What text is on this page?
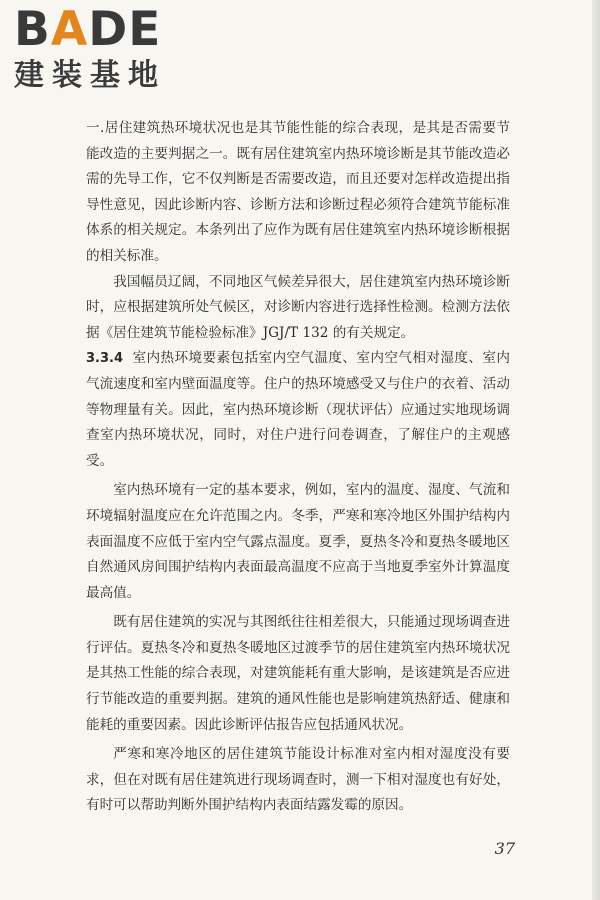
BADE
建装基地

一.居住建筑热环境状况也是其节能性能的综合表现，是其是否需要节能改造的主要判据之一。既有居住建筑室内热环境诊断是其节能改造必需的先导工作，它不仅判断是否需要改造，而且还要对怎样改造提出指导性意见，因此诊断内容、诊断方法和诊断过程必须符合建筑节能标准体系的相关规定。本条列出了应作为既有居住建筑室内热环境诊断根据的相关标准。

我国幅员辽阔，不同地区气候差异很大，居住建筑室内热环境诊断时，应根据建筑所处气候区，对诊断内容进行选择性检测。检测方法依据《居住建筑节能检验标准》JGJ/T 132 的有关规定。

3.3.4 室内热环境要素包括室内空气温度、室内空气相对湿度、室内气流速度和室内壁面温度等。住户的热环境感受又与住户的衣着、活动等物理量有关。因此，室内热环境诊断（现状评估）应通过实地现场调查室内热环境状况，同时，对住户进行问卷调查，了解住户的主观感受。

室内热环境有一定的基本要求，例如，室内的温度、湿度、气流和环境辐射温度应在允许范围之内。冬季，严寒和寒冷地区外围护结构内表面温度不应低于室内空气露点温度。夏季，夏热冬冷和夏热冬暖地区自然通风房间围护结构内表面最高温度不应高于当地夏季室外计算温度最高值。

既有居住建筑的实况与其图纸往往相差很大，只能通过现场调查进行评估。夏热冬冷和夏热冬暖地区过渡季节的居住建筑室内热环境状况是其热工性能的综合表现，对建筑能耗有重大影响，是该建筑是否应进行节能改造的重要判据。建筑的通风性能也是影响建筑热舒适、健康和能耗的重要因素。因此诊断评估报告应包括通风状况。

严寒和寒冷地区的居住建筑节能设计标准对室内相对湿度没有要求，但在对既有居住建筑进行现场调查时，测一下相对湿度也有好处，有时可以帮助判断外围护结构内表面结露发霉的原因。

37
